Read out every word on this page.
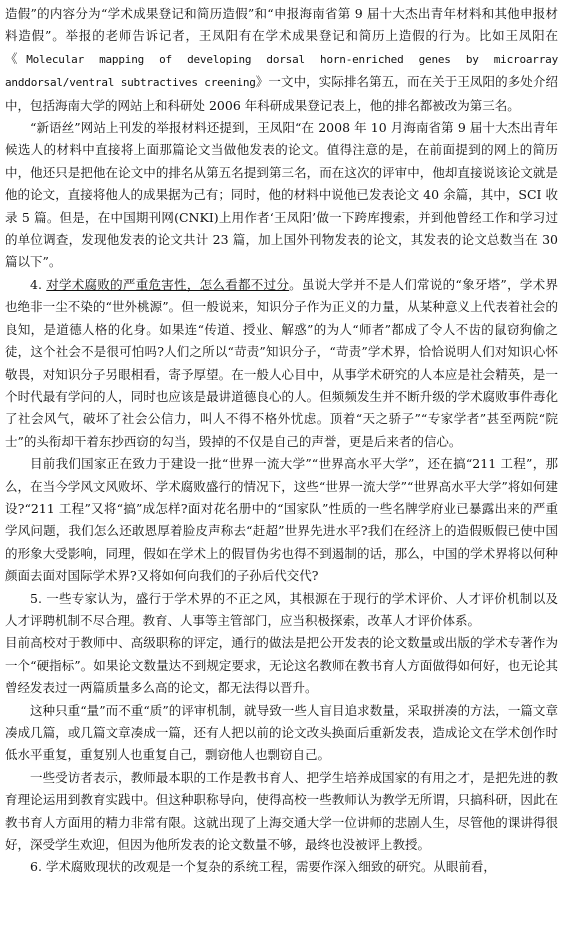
造假”的内容分为“学术成果登记和简历造假”和“申报海南省第 9 届十大杰出青年材料和其他申报材料造假”。举报的老师告诉记者，王凤阳有在学术成果登记和简历上造假的行为。比如王凤阳在《Molecular mapping of developing dorsal horn-enriched genes by microarray anddorsal/ventral subtractives creening》一文中，实际排名第五，而在关于王凤阳的多处介绍中，包括海南大学的网站上和科研处 2006 年科研成果登记表上，他的排名都被改为第三名。

“新语丝”网站上刊发的举报材料还提到，王凤阳“在 2008 年 10 月海南省第 9 届十大杰出青年候选人的材料中直接将上面那篇论文当做他发表的论文。值得注意的是，在前面提到的网上的简历中，他还只是把他在论文中的排名从第五名提到第三名，而在这次的评审中，他却直接说该论文就是他的论文，直接将他人的成果据为己有；同时，他的材料中说他已发表论文 40 余篇，其中，SCI 收录 5 篇。但是，在中国期刊网(CNKI)上用作者‘王凤阳’做一下跨库搜索，并到他曾经工作和学习过的单位调查，发现他发表的论文共计 23 篇，加上国外刊物发表的论文，其发表的论文总数当在 30 篇以下”。

4. 对学术腐败的严重危害性，怎么看都不过分。虽说大学并不是人们常说的“象牙塔”，学术界也绝非一尘不染的“世外桃源”。但一般说来，知识分子作为正义的力量，从某种意义上代表着社会的良知，是道德人格的化身。如果连“传道、授业、解惑”的为人“师者”都成了令人不齿的鼠窃狗偷之徒，这个社会不是很可怕吗?人们之所以“苛责”知识分子，“苛责”学术界，恰恰说明人们对知识心怀敬畏，对知识分子另眼相看，寄予厚望。在一般人心目中，从事学术研究的人本应是社会精英，是一个时代最有学问的人，同时也应该是最讲道德良心的人。但频频发生并不断升级的学术腐败事件毒化了社会风气，破坏了社会公信力，叫人不得不格外忧虑。顶着“天之骄子”“专家学者”甚至两院“院士”的头衔却干着东抄西窃的勾当，毁掉的不仅是自己的声誉，更是后来者的信心。

目前我们国家正在致力于建设一批“世界一流大学”“世界高水平大学”，还在搞“211 工程”，那么，在当今学风文风败坏、学术腐败盛行的情况下，这些“世界一流大学”“世界高水平大学”将如何建设?“211 工程”又将“搞”成怎样?面对花名册中的“国家队”性质的一些名牌学府业已暴露出来的严重学风问题，我们怎么还敢恩厚着脸皮声称去“赶超”世界先进水平?我们在经济上的造假贩假已使中国的形象大受影响，同理，假如在学术上的假冒伪劣也得不到遏制的话，那么，中国的学术界将以何种颜面去面对国际学术界?又将如何向我们的子孙后代交代?

5. 一些专家认为，盛行于学术界的不正之风，其根源在于现行的学术评价、人才评价机制以及人才评聘机制不尽合理。教育、人事等主管部门，应当积极探索，改革人才评价体系。

目前高校对于教师中、高级职称的评定，通行的做法是把公开发表的论文数量或出版的学术专著作为一个“硬指标”。如果论文数量达不到规定要求，无论这名教师在教书育人方面做得如何好，也无论其曾经发表过一两篇质量多么高的论文，都无法得以晋升。

这种只重“量”而不重“质”的评审机制，就导致一些人盲目追求数量，采取拼凑的方法，一篇文章凑成几篇，或几篇文章凑成一篇，还有人把以前的论文改头换面后重新发表，造成论文在学术创作时低水平重复，重复别人也重复自己，剽窃他人也剽窃自己。

一些受访者表示，教师最本职的工作是教书育人、把学生培养成国家的有用之才，是把先进的教育理论运用到教育实践中。但这种职称导向，使得高校一些教师认为教学无所谓，只搞科研，因此在教书育人方面用的精力非常有限。这就出现了上海交通大学一位讲师的悲剧人生，尽管他的课讲得很好，深受学生欢迎，但因为他所发表的论文数量不够，最终也没被评上教授。

6. 学术腐败现状的改观是一个复杂的系统工程，需要作深入细致的研究。从眼前看，
